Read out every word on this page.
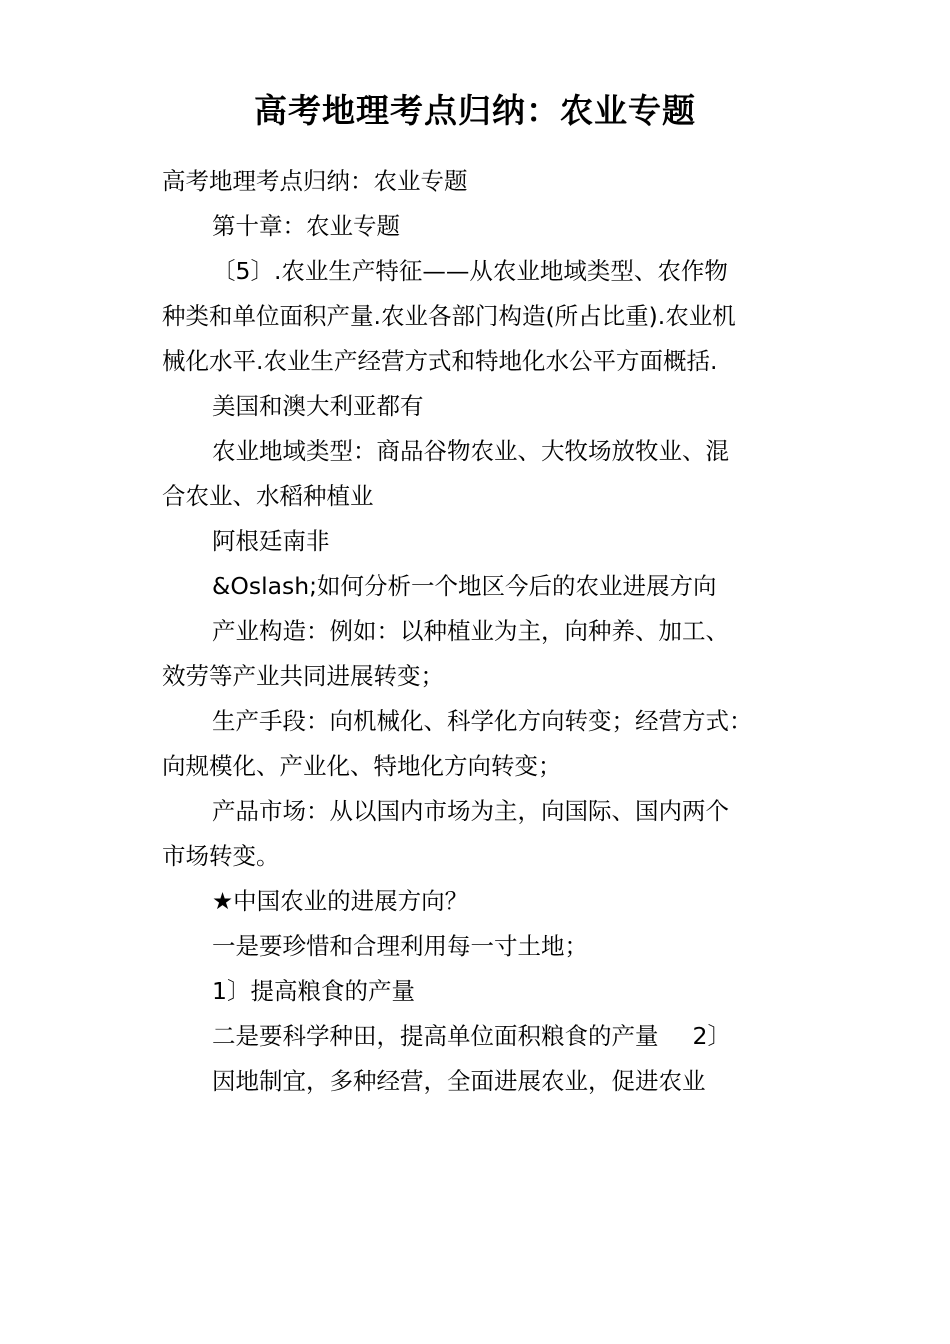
高考地理考点归纳：农业专题

高考地理考点归纳：农业专题

第十章：农业专题

〔5〕.农业生产特征——从农业地域类型、农作物

种类和单位面积产量.农业各部门构造(所占比重).农业机

械化水平.农业生产经营方式和特地化水公平方面概括.

美国和澳大利亚都有

农业地域类型：商品谷物农业、大牧场放牧业、混

合农业、水稻种植业

阿根廷南非

&Oslash;如何分析一个地区今后的农业进展方向

产业构造：例如：以种植业为主，向种养、加工、

效劳等产业共同进展转变；

生产手段：向机械化、科学化方向转变；经营方式：

向规模化、产业化、特地化方向转变；

产品市场：从以国内市场为主，向国际、国内两个

市场转变。

★中国农业的进展方向？

一是要珍惜和合理利用每一寸土地；

1〕提高粮食的产量

二是要科学种田，提高单位面积粮食的产量 2〕

因地制宜，多种经营，全面进展农业，促进农业
